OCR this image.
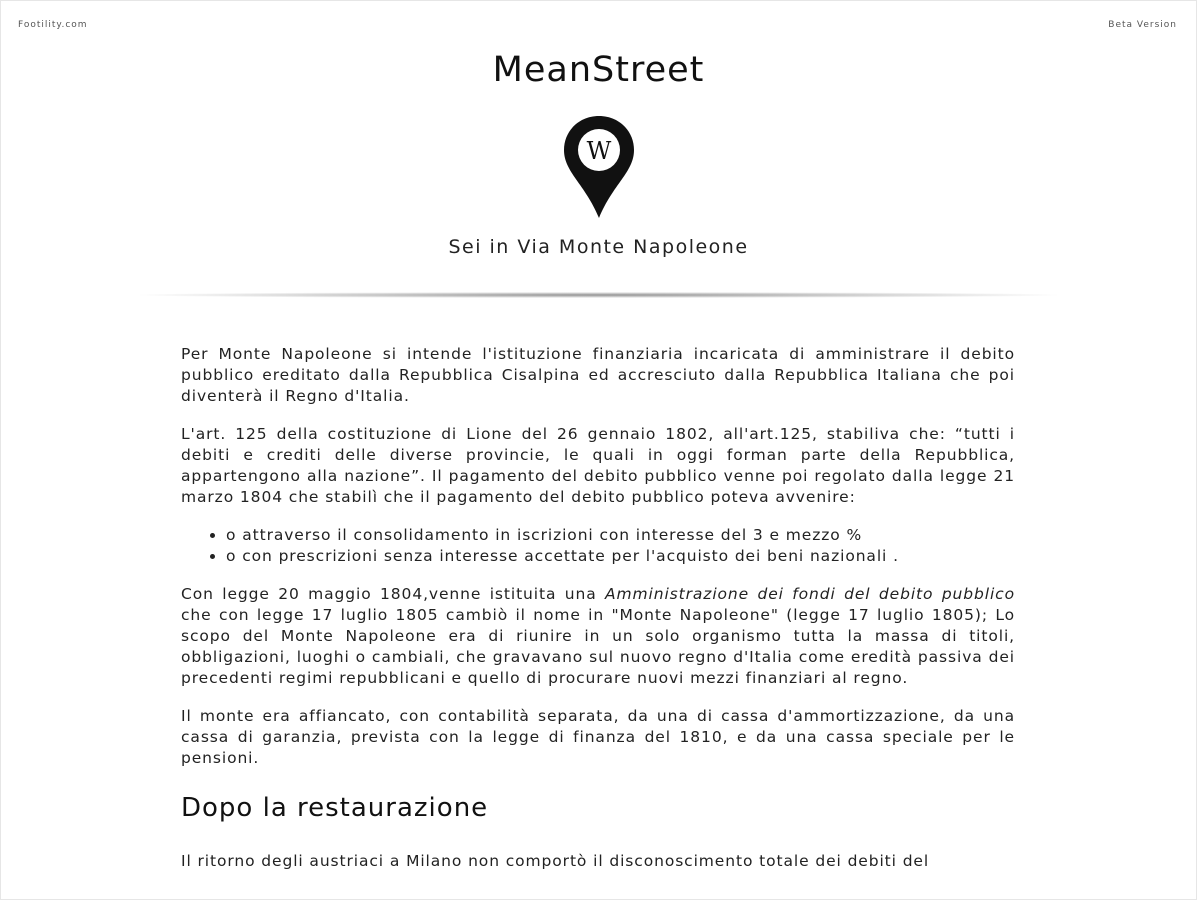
Footility.com	Beta Version
MeanStreet
W
Sei in Via Monte Napoleone

Per Monte Napoleone si intende l'istituzione finanziaria incaricata di amministrare il debito pubblico ereditato dalla Repubblica Cisalpina ed accresciuto dalla Repubblica Italiana che poi diventerà il Regno d'Italia.

L'art. 125 della costituzione di Lione del 26 gennaio 1802, all'art.125, stabiliva che: “tutti i debiti e crediti delle diverse provincie, le quali in oggi forman parte della Repubblica, appartengono alla nazione”. Il pagamento del debito pubblico venne poi regolato dalla legge 21 marzo 1804 che stabilì che il pagamento del debito pubblico poteva avvenire:

• o attraverso il consolidamento in iscrizioni con interesse del 3 e mezzo %
• o con prescrizioni senza interesse accettate per l'acquisto dei beni nazionali .

Con legge 20 maggio 1804,venne istituita una Amministrazione dei fondi del debito pubblico che con legge 17 luglio 1805 cambiò il nome in "Monte Napoleone" (legge 17 luglio 1805); Lo scopo del Monte Napoleone era di riunire in un solo organismo tutta la massa di titoli, obbligazioni, luoghi o cambiali, che gravavano sul nuovo regno d'Italia come eredità passiva dei precedenti regimi repubblicani e quello di procurare nuovi mezzi finanziari al regno.

Il monte era affiancato, con contabilità separata, da una di cassa d'ammortizzazione, da una cassa di garanzia, prevista con la legge di finanza del 1810, e da una cassa speciale per le pensioni.

Dopo la restaurazione

Il ritorno degli austriaci a Milano non comportò il disconoscimento totale dei debiti del
